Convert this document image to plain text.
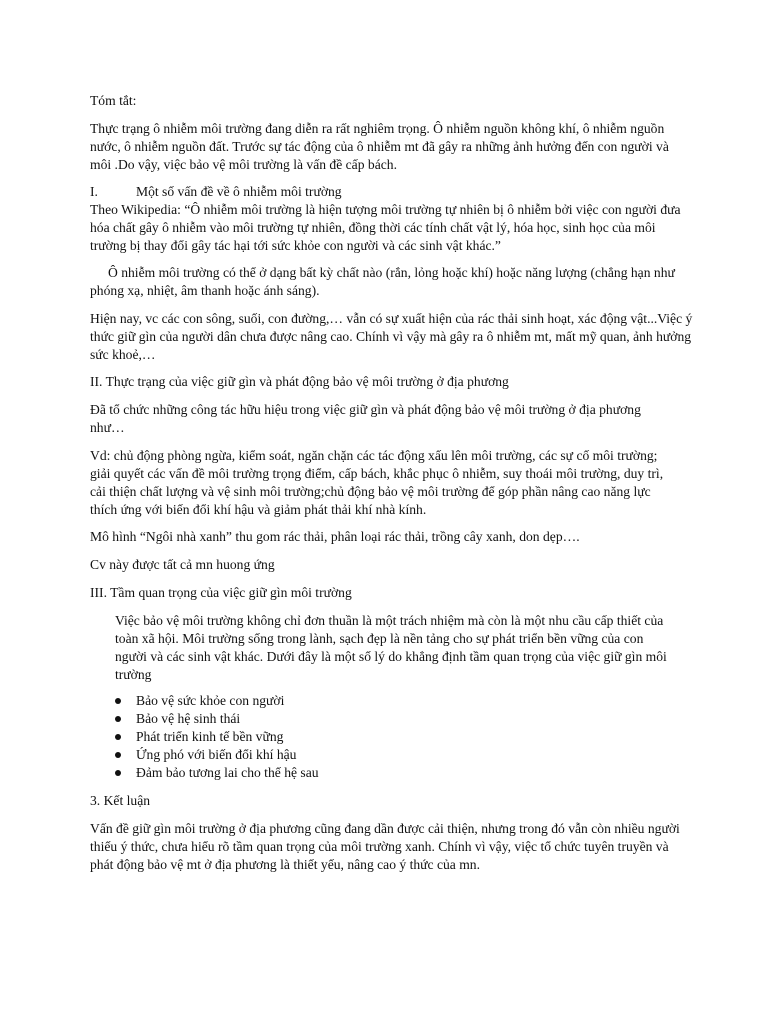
Tóm tắt:

Thực trạng ô nhiễm môi trường đang diễn ra rất nghiêm trọng. Ô nhiễm nguồn không khí, ô nhiễm nguồn nước, ô nhiễm nguồn đất. Trước sự tác động của ô nhiễm mt đã gây ra những ảnh hưởng đến con người và môi .Do vậy, việc bảo vệ môi trường là vấn đề cấp bách.

I.	Một số vấn đề về ô nhiễm môi trường

Theo Wikipedia: “Ô nhiễm môi trường là hiện tượng môi trường tự nhiên bị ô nhiễm bởi việc con người đưa hóa chất gây ô nhiễm vào môi trường tự nhiên, đồng thời các tính chất vật lý, hóa học, sinh học của môi trường bị thay đổi gây tác hại tới sức khỏe con người và các sinh vật khác.”

Ô nhiễm môi trường có thể ở dạng bất kỳ chất nào (rắn, lỏng hoặc khí) hoặc năng lượng (chẳng hạn như phóng xạ, nhiệt, âm thanh hoặc ánh sáng).

Hiện nay, vc các con sông, suối, con đường,… vẫn có sự xuất hiện của rác thải sinh hoạt, xác động vật...Việc ý thức giữ gìn của người dân chưa được nâng cao. Chính vì vậy mà gây ra ô nhiễm mt, mất mỹ quan, ảnh hưởng sức khoẻ,…

II. Thực trạng của việc giữ gìn và phát động bảo vệ môi trường ở địa phương

Đã tổ chức những công tác hữu hiệu trong việc giữ gìn và phát động bảo vệ môi trường ở địa phương như…

Vd: chủ động phòng ngừa, kiểm soát, ngăn chặn các tác động xấu lên môi trường, các sự cố môi trường; giải quyết các vấn đề môi trường trọng điểm, cấp bách, khắc phục ô nhiễm, suy thoái môi trường, duy trì, cải thiện chất lượng và vệ sinh môi trường;chủ động bảo vệ môi trường để góp phần nâng cao năng lực thích ứng với biến đổi khí hậu và giảm phát thải khí nhà kính.

Mô hình “Ngôi nhà xanh” thu gom rác thải, phân loại rác thải, trồng cây xanh, don dẹp….

Cv này được tất cả mn huong ứng

III. Tầm quan trọng của việc giữ gìn môi trường

Việc bảo vệ môi trường không chỉ đơn thuần là một trách nhiệm mà còn là một nhu cầu cấp thiết của toàn xã hội. Môi trường sống trong lành, sạch đẹp là nền tảng cho sự phát triển bền vững của con người và các sinh vật khác. Dưới đây là một số lý do khẳng định tầm quan trọng của việc giữ gìn môi trường

Bảo vệ sức khỏe con người
Bảo vệ hệ sinh thái
Phát triển kinh tế bền vững
Ứng phó với biến đổi khí hậu
Đảm bảo tương lai cho thế hệ sau

3. Kết luận

Vấn đề giữ gìn môi trường ở địa phương cũng đang dần được cải thiện, nhưng trong đó vẫn còn nhiều người thiếu ý thức, chưa hiểu rõ tầm quan trọng của môi trường xanh. Chính vì vậy, việc tổ chức tuyên truyền và phát động bảo vệ mt ở địa phương là thiết yếu, nâng cao ý thức của mn.
